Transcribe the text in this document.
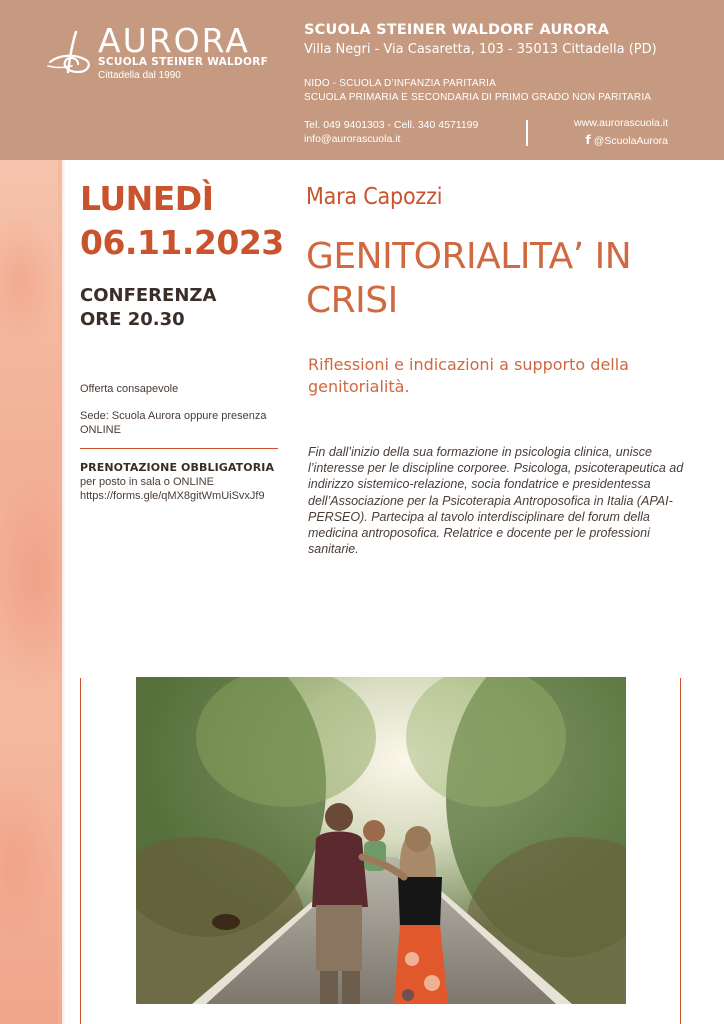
AURORA
SCUOLA STEINER WALDORF
Cittadella dal 1990
SCUOLA STEINER WALDORF AURORA
Villa Negri - Via Casaretta, 103 - 35013 Cittadella (PD)
NIDO - SCUOLA D’INFANZIA PARITARIA
SCUOLA PRIMARIA E SECONDARIA DI PRIMO GRADO NON PARITARIA
Tel. 049 9401303 - Cell. 340 4571199
info@aurorascuola.it
www.aurorascuola.it
f @ScuolaAurora
LUNEDÌ
06.11.2023
CONFERENZA
ORE 20.30
Offerta consapevole
Sede: Scuola Aurora oppure presenza ONLINE
PRENOTAZIONE OBBLIGATORIA
per posto in sala o ONLINE
https://forms.gle/qMX8gitWmUiSvxJf9
Mara Capozzi
GENITORIALITA’ IN CRISI
Riflessioni e indicazioni a supporto della genitorialità.
Fin dall’inizio della sua formazione in psicologia clinica, unisce l’interesse per le discipline corporee. Psicologa, psicoterapeutica ad indirizzo sistemico-relazione, socia fondatrice e presidentessa dell’Associazione per la Psicoterapia Antroposofica in Italia (APAI-PERSEO). Partecipa al tavolo interdisciplinare del forum della medicina antroposofica. Relatrice e docente per le professioni sanitarie.
